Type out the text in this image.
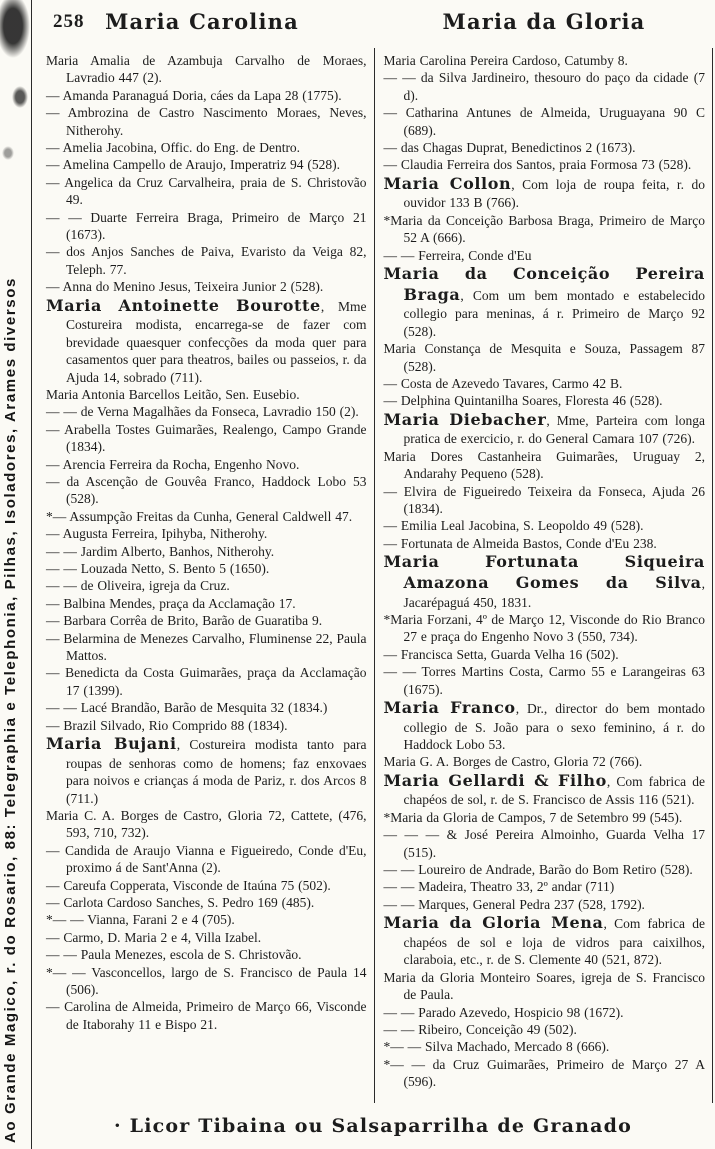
Ao Grande Magico, r. do Rosario, 88: Telegraphia e Telephonia, Pilhas, Isoladores, Arames diversos
258 Maria Carolina	Maria da Gloria

Maria Amalia de Azambuja Carvalho de Moraes, Lavradio 447 (2).

— Amanda Paranaguá Doria, cáes da Lapa 28 (1775).

— Ambrozina de Castro Nascimento Moraes, Neves, Nitherohy.

— Amelia Jacobina, Offic. do Eng. de Dentro.

— Amelina Campello de Araujo, Imperatriz 94 (528).

— Angelica da Cruz Carvalheira, praia de S. Christovão 49.

— — Duarte Ferreira Braga, Primeiro de Março 21 (1673).

— dos Anjos Sanches de Paiva, Evaristo da Veiga 82, Teleph. 77.

— Anna do Menino Jesus, Teixeira Junior 2 (528).

Maria Antoinette Bourotte, Mme Costureira modista, encarrega-se de fazer com brevidade quaesquer confecções da moda quer para casamentos quer para theatros, bailes ou passeios, r. da Ajuda 14, sobrado (711).

Maria Antonia Barcellos Leitão, Sen. Eusebio.

— — de Verna Magalhães da Fonseca, Lavradio 150 (2).

— Arabella Tostes Guimarães, Realengo, Campo Grande (1834).

— Arencia Ferreira da Rocha, Engenho Novo.

— da Ascenção de Gouvêa Franco, Haddock Lobo 53 (528).

*— Assumpção Freitas da Cunha, General Caldwell 47.

— Augusta Ferreira, Ipihyba, Nitherohy.

— — Jardim Alberto, Banhos, Nitherohy.

— — Louzada Netto, S. Bento 5 (1650).

— — de Oliveira, igreja da Cruz.

— Balbina Mendes, praça da Acclamação 17.

— Barbara Corrêa de Brito, Barão de Guaratiba 9.

— Belarmina de Menezes Carvalho, Fluminense 22, Paula Mattos.

— Benedicta da Costa Guimarães, praça da Acclamação 17 (1399).

— — Lacé Brandão, Barão de Mesquita 32 (1834.)

— Brazil Silvado, Rio Comprido 88 (1834).

Maria Bujani, Costureira modista tanto para roupas de senhoras como de homens; faz enxovaes para noivos e crianças á moda de Pariz, r. dos Arcos 8 (711.)

Maria C. A. Borges de Castro, Gloria 72, Cattete, (476, 593, 710, 732).

— Candida de Araujo Vianna e Figueiredo, Conde d'Eu, proximo á de Sant'Anna (2).

— Careufa Copperata, Visconde de Itaúna 75 (502).

— Carlota Cardoso Sanches, S. Pedro 169 (485).

*— — Vianna, Farani 2 e 4 (705).

— Carmo, D. Maria 2 e 4, Villa Izabel.

— — Paula Menezes, escola de S. Christovão.

*— — Vasconcellos, largo de S. Francisco de Paula 14 (506).

— Carolina de Almeida, Primeiro de Março 66, Visconde de Itaborahy 11 e Bispo 21.

Maria Carolina Pereira Cardoso, Catumby 8.

— — da Silva Jardineiro, thesouro do paço da cidade (7 d).

— Catharina Antunes de Almeida, Uruguayana 90 C (689).

— das Chagas Duprat, Benedictinos 2 (1673).

— Claudia Ferreira dos Santos, praia Formosa 73 (528).

Maria Collon, Com loja de roupa feita, r. do ouvidor 133 B (766).

*Maria da Conceição Barbosa Braga, Primeiro de Março 52 A (666).

— — Ferreira, Conde d'Eu

Maria da Conceição Pereira Braga, Com um bem montado e estabelecido collegio para meninas, á r. Primeiro de Março 92 (528).

Maria Constança de Mesquita e Souza, Passagem 87 (528).

— Costa de Azevedo Tavares, Carmo 42 B.

— Delphina Quintanilha Soares, Floresta 46 (528).

Maria Diebacher, Mme, Parteira com longa pratica de exercicio, r. do General Camara 107 (726).

Maria Dores Castanheira Guimarães, Uruguay 2, Andarahy Pequeno (528).

— Elvira de Figueiredo Teixeira da Fonseca, Ajuda 26 (1834).

— Emilia Leal Jacobina, S. Leopoldo 49 (528).

— Fortunata de Almeida Bastos, Conde d'Eu 238.

Maria Fortunata Siqueira Amazona Gomes da Silva, Jacarépaguá 450, 1831.

*Maria Forzani, 4º de Março 12, Visconde do Rio Branco 27 e praça do Engenho Novo 3 (550, 734).

— Francisca Setta, Guarda Velha 16 (502).

— — Torres Martins Costa, Carmo 55 e Larangeiras 63 (1675).

Maria Franco, Dr., director do bem montado collegio de S. João para o sexo feminino, á r. do Haddock Lobo 53.

Maria G. A. Borges de Castro, Gloria 72 (766).

Maria Gellardi & Filho, Com fabrica de chapéos de sol, r. de S. Francisco de Assis 116 (521).

*Maria da Gloria de Campos, 7 de Setembro 99 (545).

— — — & José Pereira Almoinho, Guarda Velha 17 (515).

— — Loureiro de Andrade, Barão do Bom Retiro (528).

— — Madeira, Theatro 33, 2º andar (711)

— — Marques, General Pedra 237 (528, 1792).

Maria da Gloria Mena, Com fabrica de chapéos de sol e loja de vidros para caixilhos, claraboia, etc., r. de S. Clemente 40 (521, 872).

Maria da Gloria Monteiro Soares, igreja de S. Francisco de Paula.

— — Parado Azevedo, Hospicio 98 (1672).

— — Ribeiro, Conceição 49 (502).

*— — Silva Machado, Mercado 8 (666).

*— — da Cruz Guimarães, Primeiro de Março 27 A (596).

· Licor Tibaina ou Salsaparrilha de Granado
